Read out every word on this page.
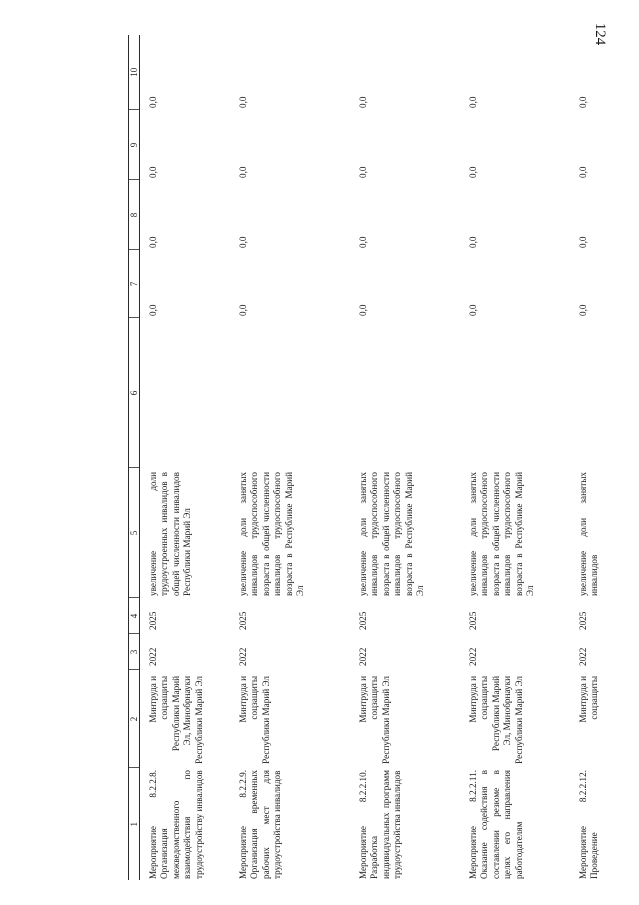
124
1	2	3	4	5	6	7	8	9	10
Мероприятие 8.2.2.8. Организация межведомственного взаимодействия по трудоустройству инвалидов	Минтруда и соцзащиты Республики Марий Эл, Минобрнауки Республики Марий Эл	2022	2025	увеличение доли трудоустроенных инвалидов в общей численности инвалидов Республики Марий Эл		0,0	0,0	0,0	0,0
Мероприятие 8.2.2.9. Организация временных рабочих мест для трудоустройства инвалидов	Минтруда и соцзащиты Республики Марий Эл	2022	2025	увеличение доли занятых инвалидов трудоспособного возраста в общей численности инвалидов трудоспособного возраста в Республике Марий Эл		0,0	0,0	0,0	0,0
Мероприятие 8.2.2.10. Разработка индивидуальных программ трудоустройства инвалидов	Минтруда и соцзащиты Республики Марий Эл	2022	2025	увеличение доли занятых инвалидов трудоспособного возраста в общей численности инвалидов трудоспособного возраста в Республике Марий Эл		0,0	0,0	0,0	0,0
Мероприятие 8.2.2.11. Оказание содействия в составлении резюме в целях его направления работодателям	Минтруда и соцзащиты Республики Марий Эл, Минобрнауки Республики Марий Эл	2022	2025	увеличение доли занятых инвалидов трудоспособного возраста в общей численности инвалидов трудоспособного возраста в Республике Марий Эл		0,0	0,0	0,0	0,0
Мероприятие 8.2.2.12. Проведение	Минтруда и соцзащиты	2022	2025	увеличение доли занятых инвалидов		0,0	0,0	0,0	0,0
